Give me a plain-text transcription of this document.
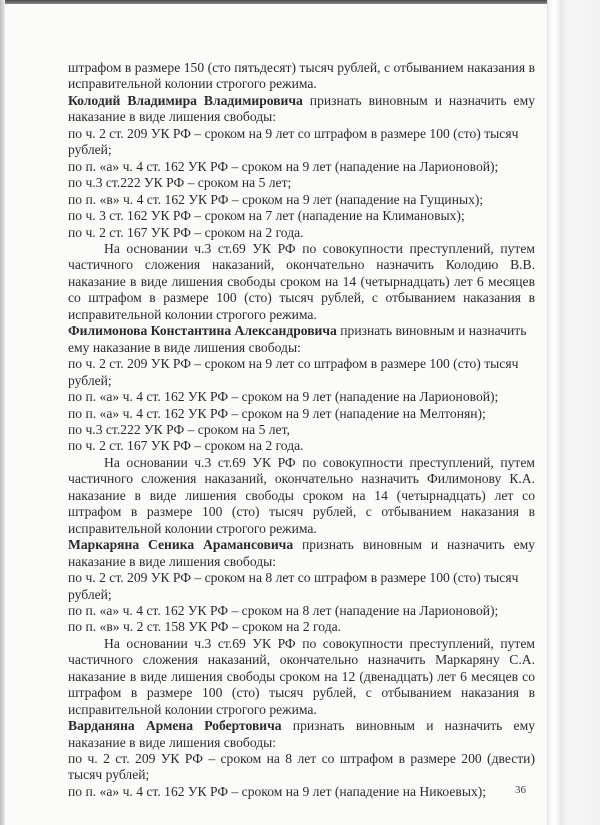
штрафом в размере 150 (сто пятьдесят) тысяч рублей, с отбыванием наказания в исправительной колонии строгого режима.

Колодий Владимира Владимировича признать виновным и назначить ему наказание в виде лишения свободы:

по ч. 2 ст. 209 УК РФ – сроком на 9 лет со штрафом в размере 100 (сто) тысяч рублей;

по п. «а» ч. 4 ст. 162 УК РФ – сроком на 9 лет (нападение на Ларионовой);

по ч.3 ст.222 УК РФ – сроком на 5 лет;

по п. «в» ч. 4 ст. 162 УК РФ – сроком на 9 лет (нападение на Гущиных);

по ч. 3 ст. 162 УК РФ – сроком на 7 лет (нападение на Климановых);

по ч. 2 ст. 167 УК РФ – сроком на 2 года.

На основании ч.3 ст.69 УК РФ по совокупности преступлений, путем частичного сложения наказаний, окончательно назначить Колодию В.В. наказание в виде лишения свободы сроком на 14 (четырнадцать) лет 6 месяцев со штрафом в размере 100 (сто) тысяч рублей, с отбыванием наказания в исправительной колонии строгого режима.

Филимонова Константина Александровича признать виновным и назначить ему наказание в виде лишения свободы:

по ч. 2 ст. 209 УК РФ – сроком на 9 лет со штрафом в размере 100 (сто) тысяч рублей;

по п. «а» ч. 4 ст. 162 УК РФ – сроком на 9 лет (нападение на Ларионовой);

по п. «а» ч. 4 ст. 162 УК РФ – сроком на 9 лет (нападение на Мелтонян);

по ч.3 ст.222 УК РФ – сроком на 5 лет,

по ч. 2 ст. 167 УК РФ – сроком на 2 года.

На основании ч.3 ст.69 УК РФ по совокупности преступлений, путем частичного сложения наказаний, окончательно назначить Филимонову К.А. наказание в виде лишения свободы сроком на 14 (четырнадцать) лет со штрафом в размере 100 (сто) тысяч рублей, с отбыванием наказания в исправительной колонии строгого режима.

Маркаряна Сеника Арамансовича признать виновным и назначить ему наказание в виде лишения свободы:

по ч. 2 ст. 209 УК РФ – сроком на 8 лет со штрафом в размере 100 (сто) тысяч рублей;

по п. «а» ч. 4 ст. 162 УК РФ – сроком на 8 лет (нападение на Ларионовой);

по п. «в» ч. 2 ст. 158 УК РФ – сроком на 2 года.

На основании ч.3 ст.69 УК РФ по совокупности преступлений, путем частичного сложения наказаний, окончательно назначить Маркаряну С.А. наказание в виде лишения свободы сроком на 12 (двенадцать) лет 6 месяцев со штрафом в размере 100 (сто) тысяч рублей, с отбыванием наказания в исправительной колонии строгого режима.

Варданяна Армена Робертовича признать виновным и назначить ему наказание в виде лишения свободы:

по ч. 2 ст. 209 УК РФ – сроком на 8 лет со штрафом в размере 200 (двести) тысяч рублей;

по п. «а» ч. 4 ст. 162 УК РФ – сроком на 9 лет (нападение на Никоевых);	36
